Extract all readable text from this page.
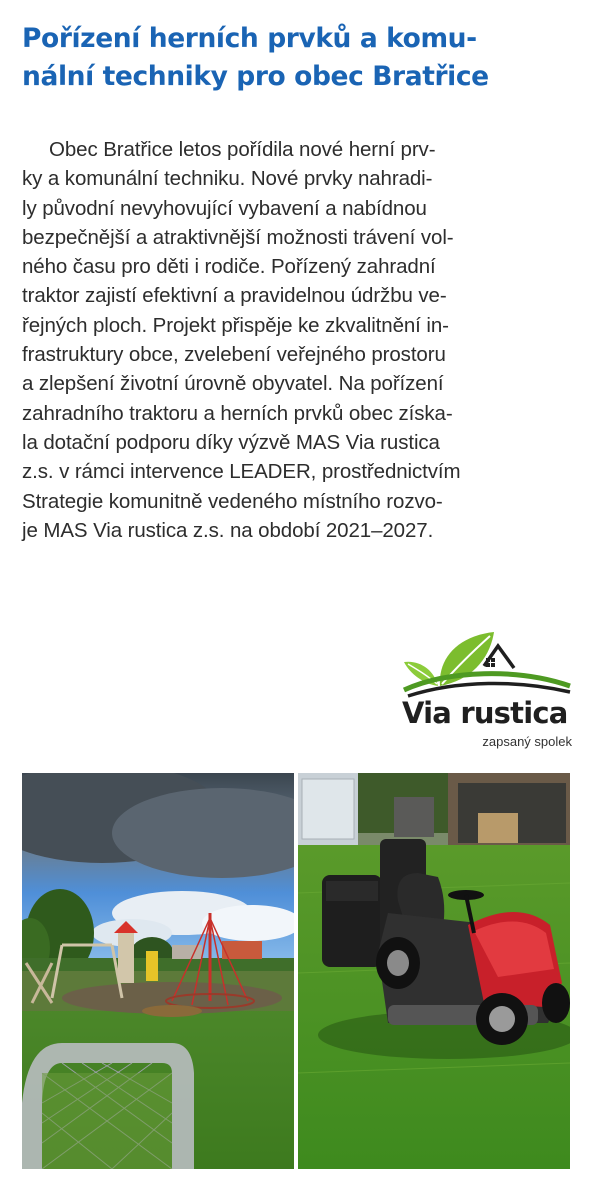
Pořízení herních prvků a komu-
nální techniky pro obec Bratřice
Obec Bratřice letos pořídila nové herní prv-
ky a komunální techniku. Nové prvky nahradi-
ly původní nevyhovující vybavení a nabídnou
bezpečnější a atraktivnější možnosti trávení vol-
ného času pro děti i rodiče. Pořízený zahradní
traktor zajistí efektivní a pravidelnou údržbu ve-
řejných ploch. Projekt přispěje ke zkvalitnění in-
frastruktury obce, zvelebení veřejného prostoru
a zlepšení životní úrovně obyvatel. Na pořízení
zahradního traktoru a herních prvků obec získa-
la dotační podporu díky výzvě MAS Via rustica
z.s. v rámci intervence LEADER, prostřednictvím
Strategie komunitně vedeného místního rozvo-
je MAS Via rustica z.s. na období 2021–2027.
Via rustica
zapsaný spolek
